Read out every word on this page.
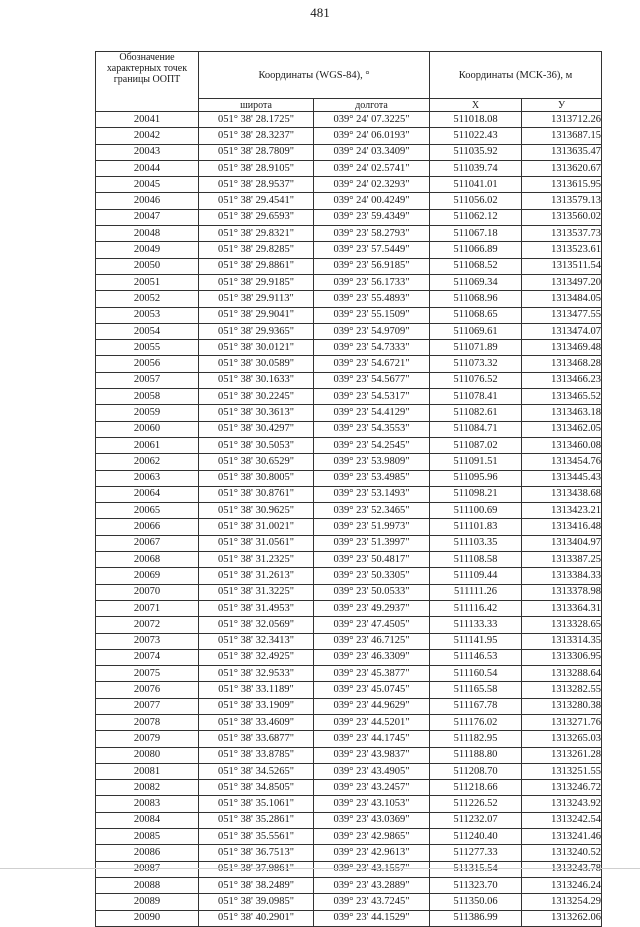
481
Обозначение характерных точек границы ООПТ	Координаты (WGS-84), °		Координаты (МСК-36), м	
	широта	долгота	X	У
20041	051° 38' 28.1725"	039° 24' 07.3225"	511018.08	1313712.26
20042	051° 38' 28.3237"	039° 24' 06.0193"	511022.43	1313687.15
20043	051° 38' 28.7809"	039° 24' 03.3409"	511035.92	1313635.47
20044	051° 38' 28.9105"	039° 24' 02.5741"	511039.74	1313620.67
20045	051° 38' 28.9537"	039° 24' 02.3293"	511041.01	1313615.95
20046	051° 38' 29.4541"	039° 24' 00.4249"	511056.02	1313579.13
20047	051° 38' 29.6593"	039° 23' 59.4349"	511062.12	1313560.02
20048	051° 38' 29.8321"	039° 23' 58.2793"	511067.18	1313537.73
20049	051° 38' 29.8285"	039° 23' 57.5449"	511066.89	1313523.61
20050	051° 38' 29.8861"	039° 23' 56.9185"	511068.52	1313511.54
20051	051° 38' 29.9185"	039° 23' 56.1733"	511069.34	1313497.20
20052	051° 38' 29.9113"	039° 23' 55.4893"	511068.96	1313484.05
20053	051° 38' 29.9041"	039° 23' 55.1509"	511068.65	1313477.55
20054	051° 38' 29.9365"	039° 23' 54.9709"	511069.61	1313474.07
20055	051° 38' 30.0121"	039° 23' 54.7333"	511071.89	1313469.48
20056	051° 38' 30.0589"	039° 23' 54.6721"	511073.32	1313468.28
20057	051° 38' 30.1633"	039° 23' 54.5677"	511076.52	1313466.23
20058	051° 38' 30.2245"	039° 23' 54.5317"	511078.41	1313465.52
20059	051° 38' 30.3613"	039° 23' 54.4129"	511082.61	1313463.18
20060	051° 38' 30.4297"	039° 23' 54.3553"	511084.71	1313462.05
20061	051° 38' 30.5053"	039° 23' 54.2545"	511087.02	1313460.08
20062	051° 38' 30.6529"	039° 23' 53.9809"	511091.51	1313454.76
20063	051° 38' 30.8005"	039° 23' 53.4985"	511095.96	1313445.43
20064	051° 38' 30.8761"	039° 23' 53.1493"	511098.21	1313438.68
20065	051° 38' 30.9625"	039° 23' 52.3465"	511100.69	1313423.21
20066	051° 38' 31.0021"	039° 23' 51.9973"	511101.83	1313416.48
20067	051° 38' 31.0561"	039° 23' 51.3997"	511103.35	1313404.97
20068	051° 38' 31.2325"	039° 23' 50.4817"	511108.58	1313387.25
20069	051° 38' 31.2613"	039° 23' 50.3305"	511109.44	1313384.33
20070	051° 38' 31.3225"	039° 23' 50.0533"	511111.26	1313378.98
20071	051° 38' 31.4953"	039° 23' 49.2937"	511116.42	1313364.31
20072	051° 38' 32.0569"	039° 23' 47.4505"	511133.33	1313328.65
20073	051° 38' 32.3413"	039° 23' 46.7125"	511141.95	1313314.35
20074	051° 38' 32.4925"	039° 23' 46.3309"	511146.53	1313306.95
20075	051° 38' 32.9533"	039° 23' 45.3877"	511160.54	1313288.64
20076	051° 38' 33.1189"	039° 23' 45.0745"	511165.58	1313282.55
20077	051° 38' 33.1909"	039° 23' 44.9629"	511167.78	1313280.38
20078	051° 38' 33.4609"	039° 23' 44.5201"	511176.02	1313271.76
20079	051° 38' 33.6877"	039° 23' 44.1745"	511182.95	1313265.03
20080	051° 38' 33.8785"	039° 23' 43.9837"	511188.80	1313261.28
20081	051° 38' 34.5265"	039° 23' 43.4905"	511208.70	1313251.55
20082	051° 38' 34.8505"	039° 23' 43.2457"	511218.66	1313246.72
20083	051° 38' 35.1061"	039° 23' 43.1053"	511226.52	1313243.92
20084	051° 38' 35.2861"	039° 23' 43.0369"	511232.07	1313242.54
20085	051° 38' 35.5561"	039° 23' 42.9865"	511240.40	1313241.46
20086	051° 38' 36.7513"	039° 23' 42.9613"	511277.33	1313240.52
20087	051° 38' 37.9861"	039° 23' 43.1557"	511315.54	1313243.78
20088	051° 38' 38.2489"	039° 23' 43.2889"	511323.70	1313246.24
20089	051° 38' 39.0985"	039° 23' 43.7245"	511350.06	1313254.29
20090	051° 38' 40.2901"	039° 23' 44.1529"	511386.99	1313262.06
